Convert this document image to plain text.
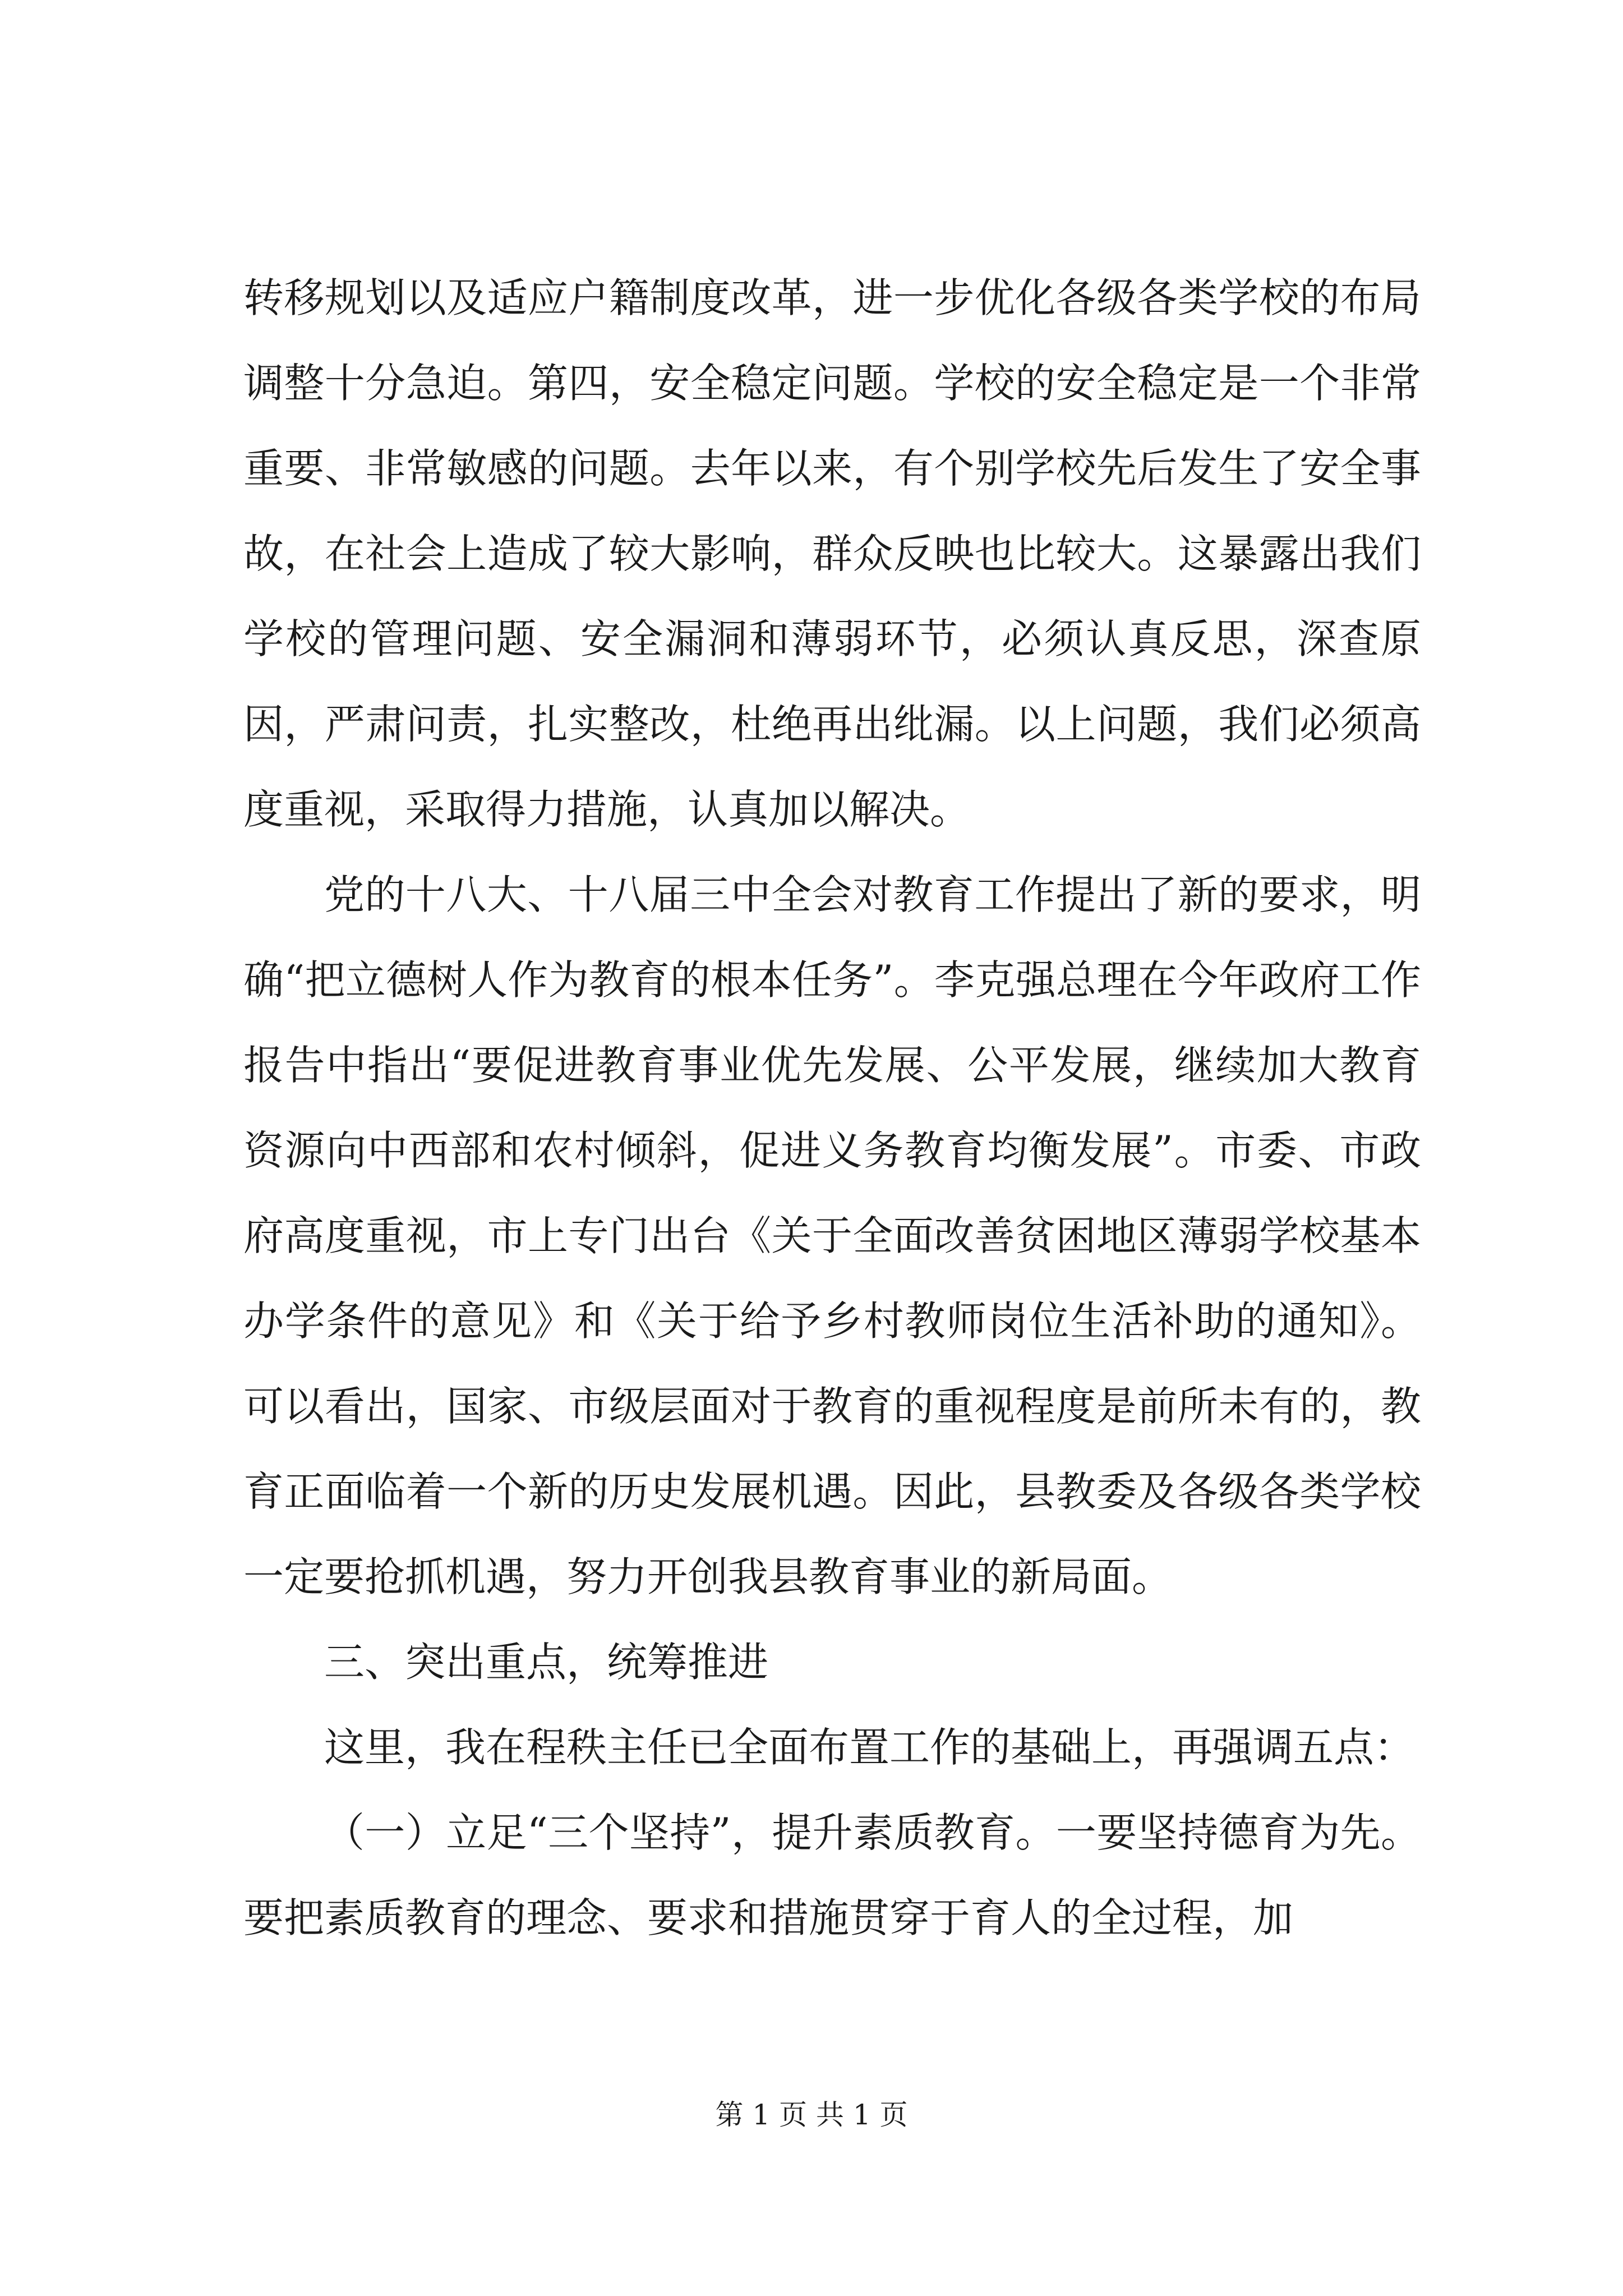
转移规划以及适应户籍制度改革，进一步优化各级各类学校的布局调整十分急迫。第四，安全稳定问题。学校的安全稳定是一个非常重要、非常敏感的问题。去年以来，有个别学校先后发生了安全事故，在社会上造成了较大影响，群众反映也比较大。这暴露出我们学校的管理问题、安全漏洞和薄弱环节，必须认真反思，深查原因，严肃问责，扎实整改，杜绝再出纰漏。以上问题，我们必须高度重视，采取得力措施，认真加以解决。

党的十八大、十八届三中全会对教育工作提出了新的要求，明确“把立德树人作为教育的根本任务”。李克强总理在今年政府工作报告中指出“要促进教育事业优先发展、公平发展，继续加大教育资源向中西部和农村倾斜，促进义务教育均衡发展”。市委、市政府高度重视，市上专门出台《关于全面改善贫困地区薄弱学校基本办学条件的意见》和《关于给予乡村教师岗位生活补助的通知》。可以看出，国家、市级层面对于教育的重视程度是前所未有的，教育正面临着一个新的历史发展机遇。因此，县教委及各级各类学校一定要抢抓机遇，努力开创我县教育事业的新局面。

三、突出重点，统筹推进

这里，我在程秩主任已全面布置工作的基础上，再强调五点：

（一）立足“三个坚持”，提升素质教育。一要坚持德育为先。要把素质教育的理念、要求和措施贯穿于育人的全过程，加

第 1 页 共 1 页
